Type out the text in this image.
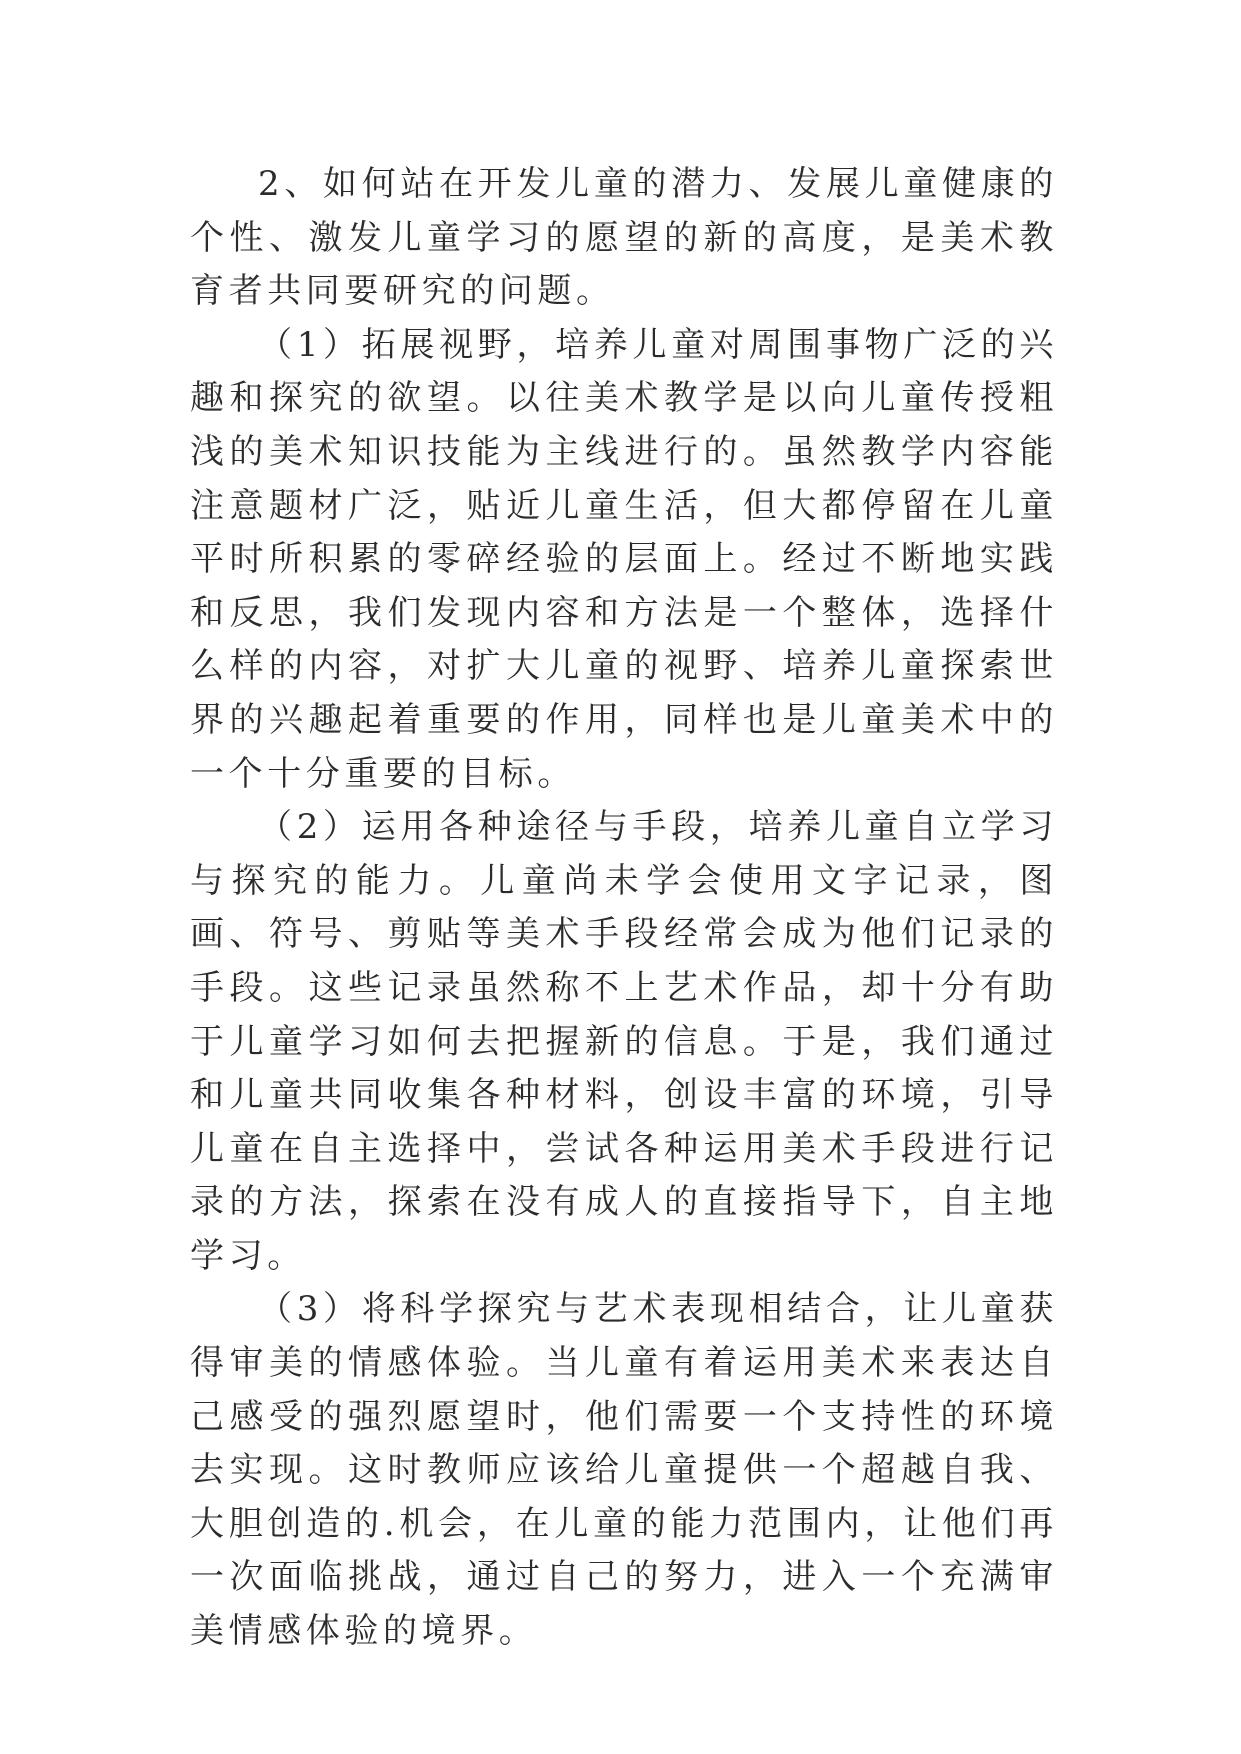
2、如何站在开发儿童的潜力、发展儿童健康的个性、激发儿童学习的愿望的新的高度，是美术教育者共同要研究的问题。

（1）拓展视野，培养儿童对周围事物广泛的兴趣和探究的欲望。以往美术教学是以向儿童传授粗浅的美术知识技能为主线进行的。虽然教学内容能注意题材广泛，贴近儿童生活，但大都停留在儿童平时所积累的零碎经验的层面上。经过不断地实践和反思，我们发现内容和方法是一个整体，选择什么样的内容，对扩大儿童的视野、培养儿童探索世界的兴趣起着重要的作用，同样也是儿童美术中的一个十分重要的目标。

（2）运用各种途径与手段，培养儿童自立学习与探究的能力。儿童尚未学会使用文字记录，图画、符号、剪贴等美术手段经常会成为他们记录的手段。这些记录虽然称不上艺术作品，却十分有助于儿童学习如何去把握新的信息。于是，我们通过和儿童共同收集各种材料，创设丰富的环境，引导儿童在自主选择中，尝试各种运用美术手段进行记录的方法，探索在没有成人的直接指导下，自主地学习。

（3）将科学探究与艺术表现相结合，让儿童获得审美的情感体验。当儿童有着运用美术来表达自己感受的强烈愿望时，他们需要一个支持性的环境去实现。这时教师应该给儿童提供一个超越自我、大胆创造的.机会，在儿童的能力范围内，让他们再一次面临挑战，通过自己的努力，进入一个充满审美情感体验的境界。
